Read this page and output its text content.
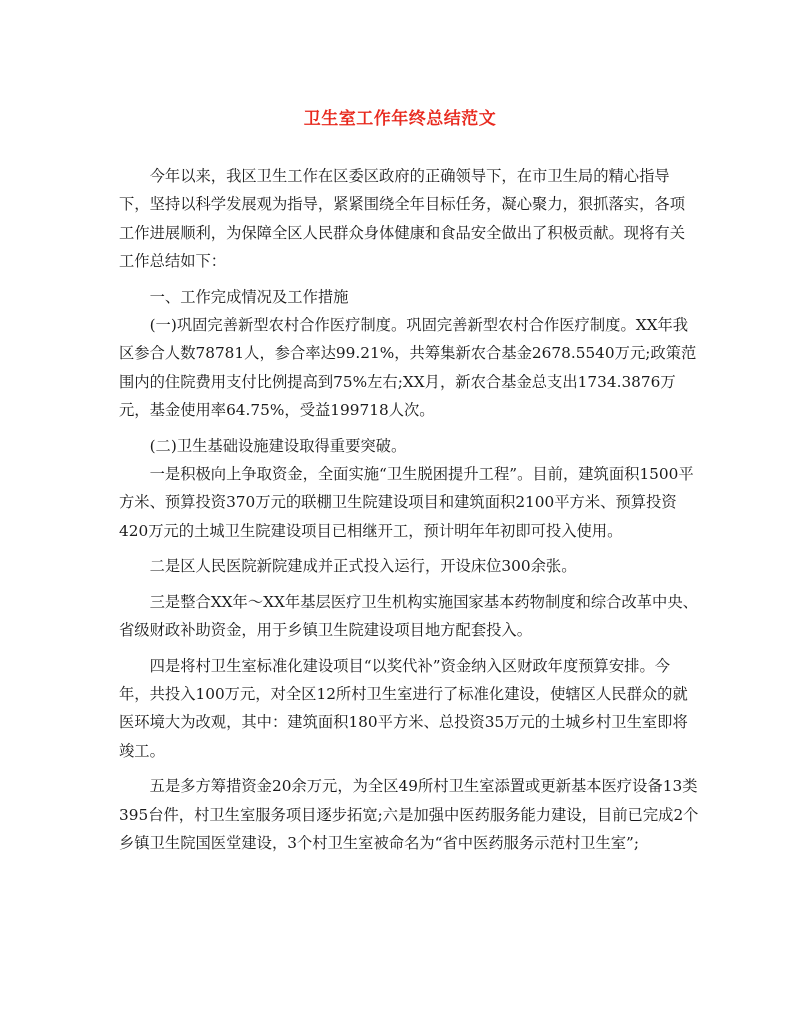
卫生室工作年终总结范文

今年以来，我区卫生工作在区委区政府的正确领导下，在市卫生局的精心指导下，坚持以科学发展观为指导，紧紧围绕全年目标任务，凝心聚力，狠抓落实，各项工作进展顺利，为保障全区人民群众身体健康和食品安全做出了积极贡献。现将有关工作总结如下：

一、工作完成情况及工作措施

(一)巩固完善新型农村合作医疗制度。巩固完善新型农村合作医疗制度。XX年我区参合人数78781人，参合率达99.21%，共筹集新农合基金2678.5540万元;政策范围内的住院费用支付比例提高到75%左右;XX月，新农合基金总支出1734.3876万元，基金使用率64.75%，受益199718人次。

(二)卫生基础设施建设取得重要突破。

一是积极向上争取资金，全面实施“卫生脱困提升工程”。目前，建筑面积1500平方米、预算投资370万元的联棚卫生院建设项目和建筑面积2100平方米、预算投资420万元的土城卫生院建设项目已相继开工，预计明年年初即可投入使用。

二是区人民医院新院建成并正式投入运行，开设床位300余张。

三是整合XX年～XX年基层医疗卫生机构实施国家基本药物制度和综合改革中央、省级财政补助资金，用于乡镇卫生院建设项目地方配套投入。

四是将村卫生室标准化建设项目“以奖代补”资金纳入区财政年度预算安排。今年，共投入100万元，对全区12所村卫生室进行了标准化建设，使辖区人民群众的就医环境大为改观，其中：建筑面积180平方米、总投资35万元的土城乡村卫生室即将竣工。

五是多方筹措资金20余万元，为全区49所村卫生室添置或更新基本医疗设备13类395台件，村卫生室服务项目逐步拓宽;六是加强中医药服务能力建设，目前已完成2个乡镇卫生院国医堂建设，3个村卫生室被命名为“省中医药服务示范村卫生室”;
